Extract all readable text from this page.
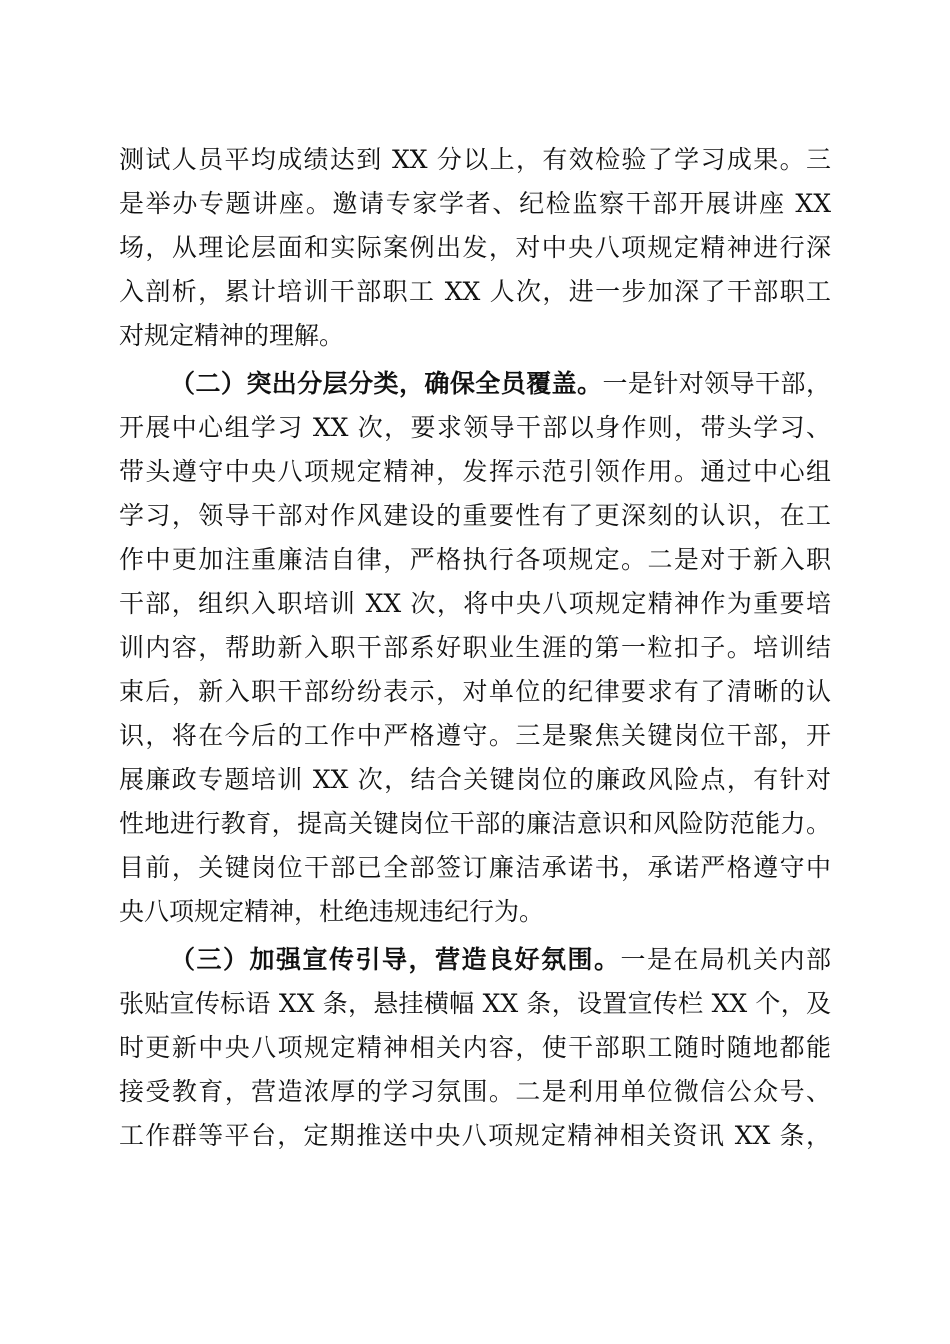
测试人员平均成绩达到 XX 分以上，有效检验了学习成果。三
是举办专题讲座。邀请专家学者、纪检监察干部开展讲座 XX
场，从理论层面和实际案例出发，对中央八项规定精神进行深
入剖析，累计培训干部职工 XX 人次，进一步加深了干部职工
对规定精神的理解。
（二）突出分层分类，确保全员覆盖。一是针对领导干部，
开展中心组学习 XX 次，要求领导干部以身作则，带头学习、
带头遵守中央八项规定精神，发挥示范引领作用。通过中心组
学习，领导干部对作风建设的重要性有了更深刻的认识，在工
作中更加注重廉洁自律，严格执行各项规定。二是对于新入职
干部，组织入职培训 XX 次，将中央八项规定精神作为重要培
训内容，帮助新入职干部系好职业生涯的第一粒扣子。培训结
束后，新入职干部纷纷表示，对单位的纪律要求有了清晰的认
识，将在今后的工作中严格遵守。三是聚焦关键岗位干部，开
展廉政专题培训 XX 次，结合关键岗位的廉政风险点，有针对
性地进行教育，提高关键岗位干部的廉洁意识和风险防范能力。
目前，关键岗位干部已全部签订廉洁承诺书，承诺严格遵守中
央八项规定精神，杜绝违规违纪行为。
（三）加强宣传引导，营造良好氛围。一是在局机关内部
张贴宣传标语 XX 条，悬挂横幅 XX 条，设置宣传栏 XX 个，及
时更新中央八项规定精神相关内容，使干部职工随时随地都能
接受教育，营造浓厚的学习氛围。二是利用单位微信公众号、
工作群等平台，定期推送中央八项规定精神相关资讯 XX 条，
